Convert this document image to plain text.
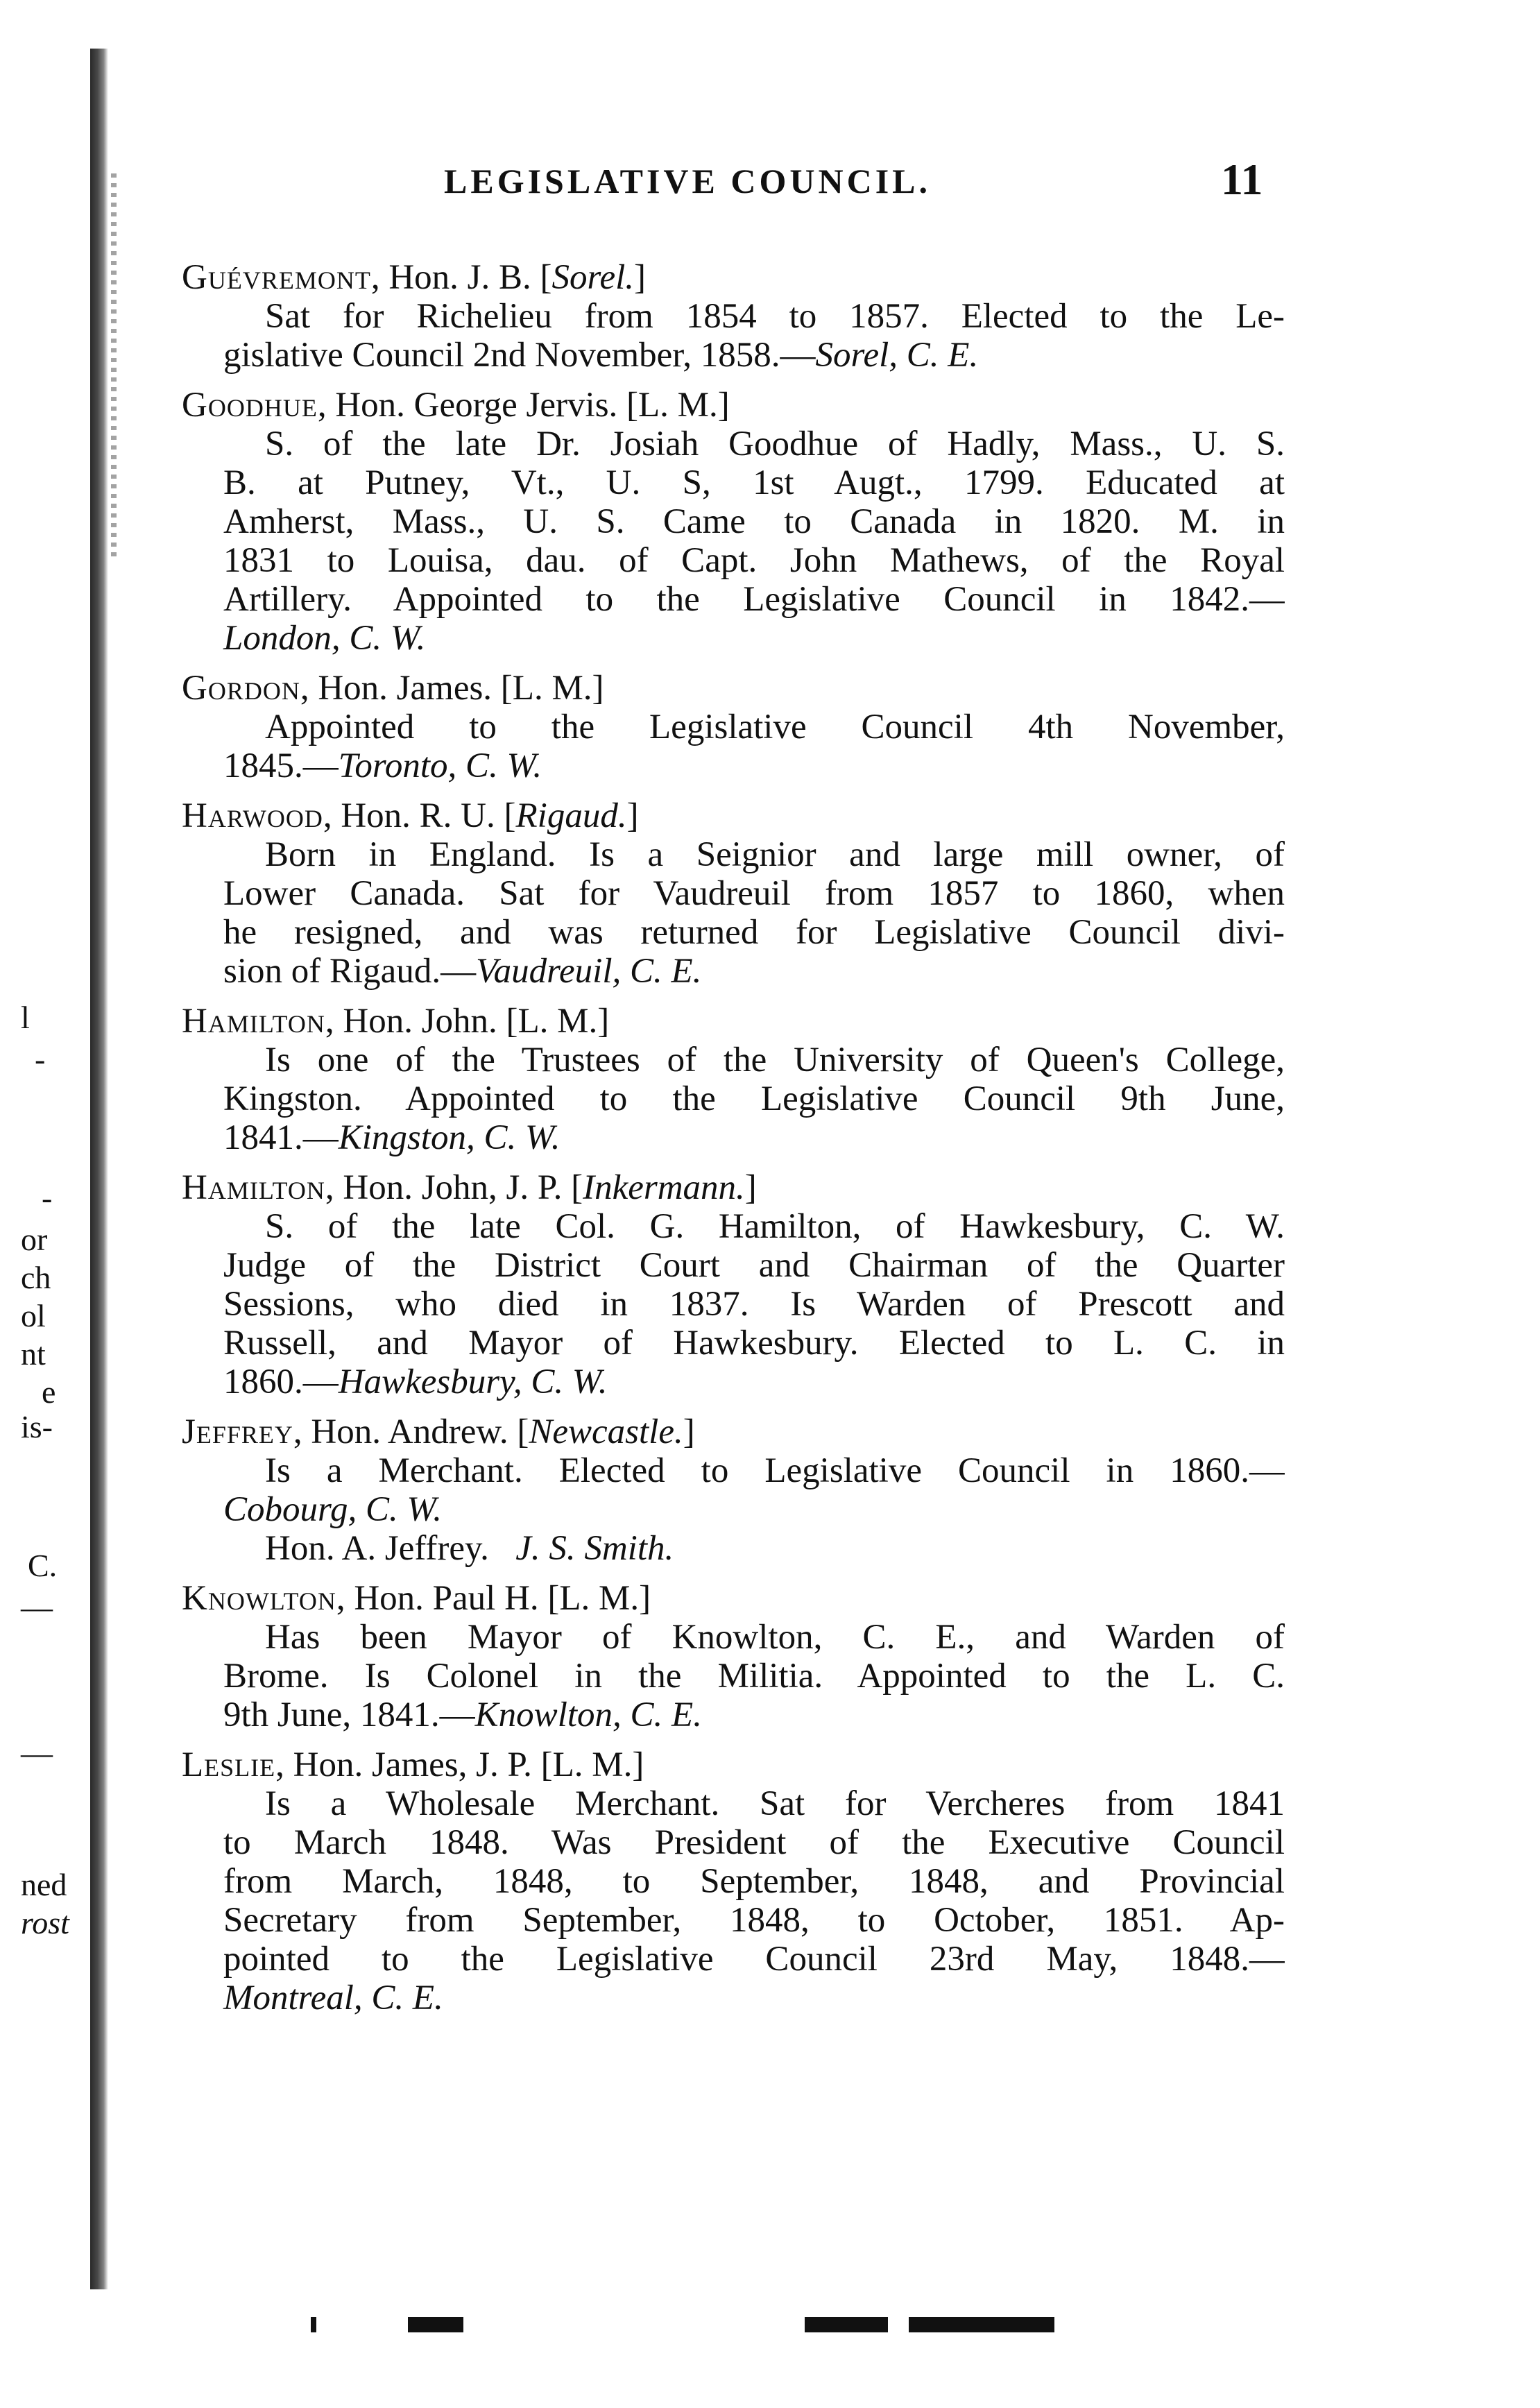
l
-
-
or
ch
ol
nt
e
is-
C.
—
—
ned
rost
LEGISLATIVE COUNCIL.	11
Guévremont, Hon. J. B. [Sorel.]
Sat for Richelieu from 1854 to 1857. Elected to the Le-
gislative Council 2nd November, 1858.—Sorel, C. E.
Goodhue, Hon. George Jervis. [L. M.]
S. of the late Dr. Josiah Goodhue of Hadly, Mass., U. S.
B. at Putney, Vt., U. S, 1st Augt., 1799. Educated at
Amherst, Mass., U. S. Came to Canada in 1820. M. in
1831 to Louisa, dau. of Capt. John Mathews, of the Royal
Artillery. Appointed to the Legislative Council in 1842.—
London, C. W.
Gordon, Hon. James. [L. M.]
Appointed to the Legislative Council 4th November,
1845.—Toronto, C. W.
Harwood, Hon. R. U. [Rigaud.]
Born in England. Is a Seignior and large mill owner, of
Lower Canada. Sat for Vaudreuil from 1857 to 1860, when
he resigned, and was returned for Legislative Council divi-
sion of Rigaud.—Vaudreuil, C. E.
Hamilton, Hon. John. [L. M.]
Is one of the Trustees of the University of Queen's College,
Kingston. Appointed to the Legislative Council 9th June,
1841.—Kingston, C. W.
Hamilton, Hon. John, J. P. [Inkermann.]
S. of the late Col. G. Hamilton, of Hawkesbury, C. W.
Judge of the District Court and Chairman of the Quarter
Sessions, who died in 1837. Is Warden of Prescott and
Russell, and Mayor of Hawkesbury. Elected to L. C. in
1860.—Hawkesbury, C. W.
Jeffrey, Hon. Andrew. [Newcastle.]
Is a Merchant. Elected to Legislative Council in 1860.—
Cobourg, C. W.
Hon. A. Jeffrey. J. S. Smith.
Knowlton, Hon. Paul H. [L. M.]
Has been Mayor of Knowlton, C. E., and Warden of
Brome. Is Colonel in the Militia. Appointed to the L. C.
9th June, 1841.—Knowlton, C. E.
Leslie, Hon. James, J. P. [L. M.]
Is a Wholesale Merchant. Sat for Vercheres from 1841
to March 1848. Was President of the Executive Council
from March, 1848, to September, 1848, and Provincial
Secretary from September, 1848, to October, 1851. Ap-
pointed to the Legislative Council 23rd May, 1848.—
Montreal, C. E.
